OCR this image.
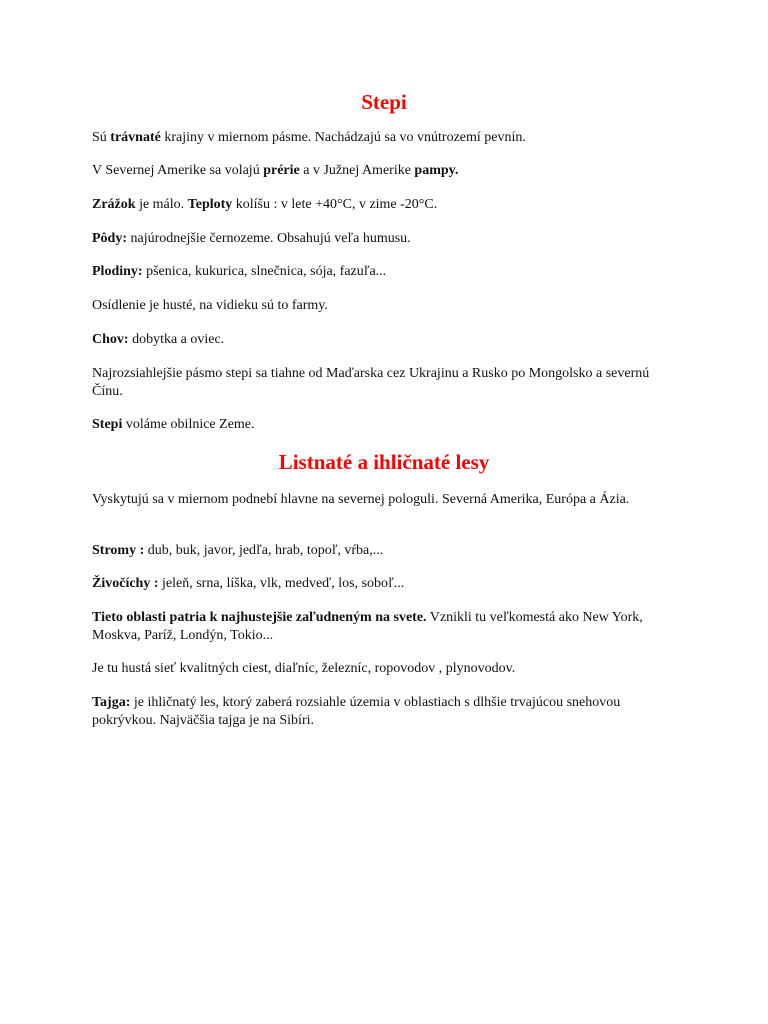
Stepi

Sú trávnaté krajiny v miernom pásme. Nachádzajú sa vo vnútrozemí pevnín.

V Severnej Amerike sa volajú prérie a v Južnej Amerike pampy.

Zrážok je málo. Teploty kolíšu : v lete +40°C, v zime -20°C.

Pôdy: najúrodnejšie černozeme. Obsahujú veľa humusu.

Plodiny: pšenica, kukurica, slnečnica, sója, fazuľa...

Osídlenie je husté, na vidieku sú to farmy.

Chov: dobytka a oviec.

Najrozsiahlejšie pásmo stepi sa tiahne od Maďarska cez Ukrajinu a Rusko po Mongolsko a severnú Čínu.

Stepi voláme obilnice Zeme.

Listnaté a ihličnaté lesy

Vyskytujú sa v miernom podnebí hlavne na severnej pologuli. Severná Amerika, Európa a Ázia.

Stromy : dub, buk, javor, jedľa, hrab, topoľ, vŕba,...

Živočíchy : jeleň, srna, líška, vlk, medveď, los, soboľ...

Tieto oblasti patria k najhustejšie zaľudneným na svete. Vznikli tu veľkomestá ako New York, Moskva, Paríž, Londýn, Tokio...

Je tu hustá sieť kvalitných ciest, diaľníc, železníc, ropovodov , plynovodov.

Tajga: je ihličnatý les, ktorý zaberá rozsiahle územia v oblastiach s dlhšie trvajúcou snehovou pokrývkou. Najväčšia tajga je na Sibíri.
